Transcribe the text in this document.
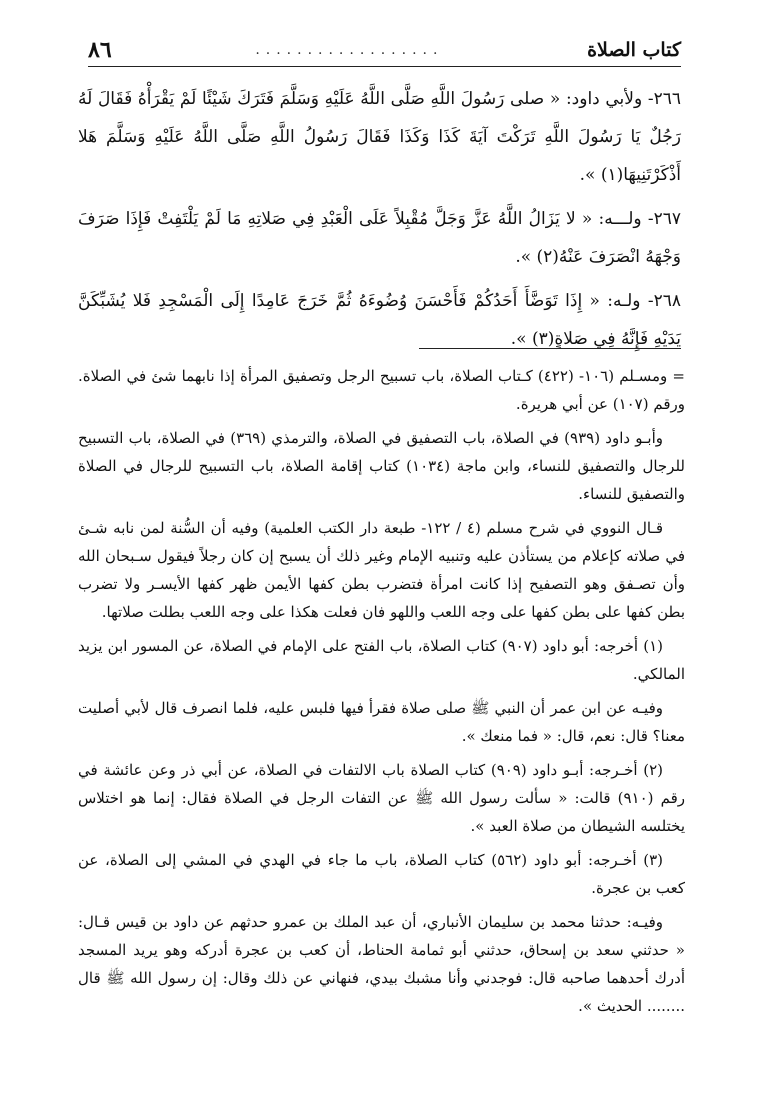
كتاب الصلاة
..................
٨٦

٢٦٦- ولأبي داود: « صلى رَسُولَ اللَّهِ صَلَّى اللَّهُ عَلَيْهِ وَسَلَّمَ فَتَرَكَ شَيْئًا لَمْ يَقْرَأْهُ فَقَالَ لَهُ رَجُلٌ يَا رَسُولَ اللَّهِ تَرَكْتَ آيَةَ كَذَا وَكَذَا فَقَالَ رَسُولُ اللَّهِ صَلَّى اللَّهُ عَلَيْهِ وَسَلَّمَ هَلا أَذْكَرْتَنِيهَا(١) ».

٢٦٧- ولـــه: « لا يَزَالُ اللَّهُ عَزَّ وَجَلَّ مُقْبِلاً عَلَى الْعَبْدِ فِي صَلاتِهِ مَا لَمْ يَلْتَفِتْ فَإِذَا صَرَفَ وَجْهَهُ انْصَرَفَ عَنْهُ(٢) ».

٢٦٨- ولـه: « إِذَا تَوَضَّأَ أَحَدُكُمْ فَأَحْسَنَ وُضُوءَهُ ثُمَّ خَرَجَ عَامِدًا إِلَى الْمَسْجِدِ فَلا يُشَبِّكَنَّ يَدَيْهِ فَإِنَّهُ فِي صَلاةٍ(٣) ».

= ومسـلم (١٠٦- (٤٢٢) كـتاب الصلاة، باب تسبيح الرجل وتصفيق المرأة إذا نابهما شئ في الصلاة. ورقم (١٠٧) عن أبي هريرة.

وأبـو داود (٩٣٩) في الصلاة، باب التصفيق في الصلاة، والترمذي (٣٦٩) في الصلاة، باب التسبيح للرجال والتصفيق للنساء، وابن ماجة (١٠٣٤) كتاب إقامة الصلاة، باب التسبيح للرجال في الصلاة والتصفيق للنساء.

قـال النووي في شرح مسلم (٤ / ١٢٢- طبعة دار الكتب العلمية) وفيه أن السُّنة لمن نابه شـئ في صلاته كإعلام من يستأذن عليه وتنبيه الإمام وغير ذلك أن يسبح إن كان رجلاً فيقول سـبحان الله وأن تصـفق وهو التصفيح إذا كانت امرأة فتضرب بطن كفها الأيمن ظهر كفها الأيسـر ولا تضرب بطن كفها على بطن كفها على وجه اللعب واللهو فان فعلت هكذا على وجه اللعب بطلت صلاتها.

(١) أخرجه: أبو داود (٩٠٧) كتاب الصلاة، باب الفتح على الإمام في الصلاة، عن المسور ابن يزيد المالكي.

وفيـه عن ابن عمر أن النبي ﷺ صلى صلاة فقرأ فيها فلبس عليه، فلما انصرف قال لأبي أصليت معنا؟ قال: نعم، قال: « فما منعك ».

(٢) أخـرجه: أبـو داود (٩٠٩) كتاب الصلاة باب الالتفات في الصلاة، عن أبي ذر وعن عائشة في رقم (٩١٠) قالت: « سألت رسول الله ﷺ عن التفات الرجل في الصلاة فقال: إنما هو اختلاس يختلسه الشيطان من صلاة العبد ».

(٣) أخـرجه: أبو داود (٥٦٢) كتاب الصلاة، باب ما جاء في الهدي في المشي إلى الصلاة، عن كعب بن عجرة.

وفيـه: حدثنا محمد بن سليمان الأنباري، أن عبد الملك بن عمرو حدثهم عن داود بن قيس قـال: « حدثني سعد بن إسحاق، حدثني أبو ثمامة الحناط، أن كعب بن عجرة أدركه وهو يريد المسجد أدرك أحدهما صاحبه قال: فوجدني وأنا مشبك بيدي، فنهاني عن ذلك وقال: إن رسول الله ﷺ قال ........ الحديث ».
